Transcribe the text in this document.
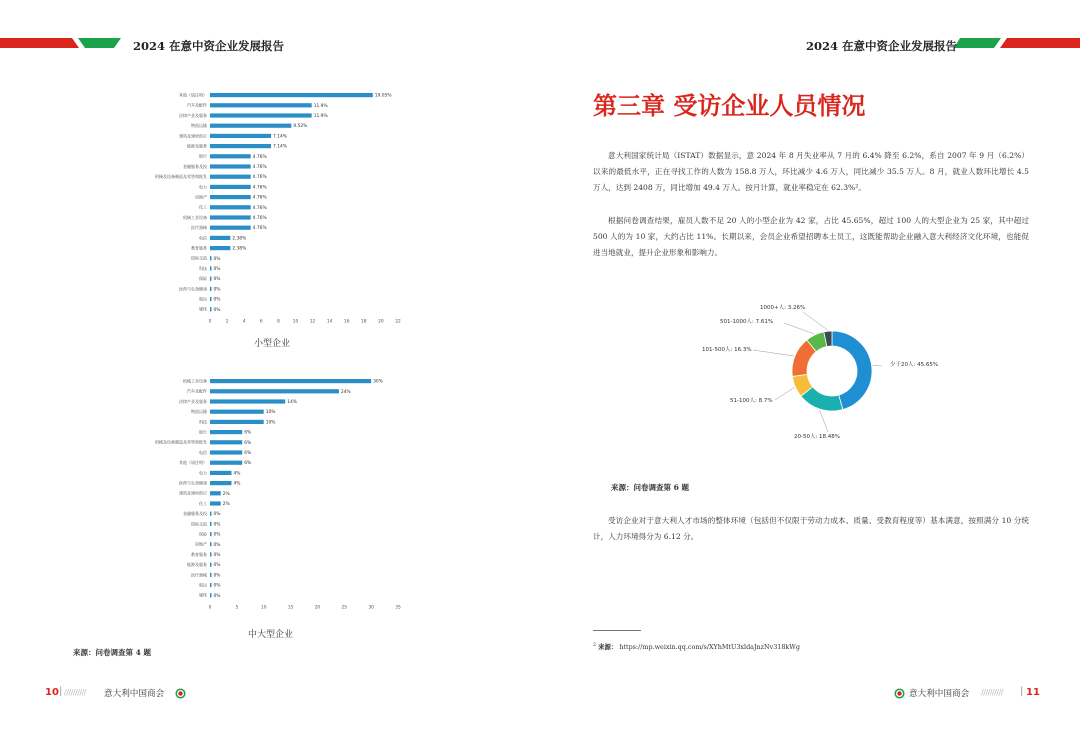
2024 在意中资企业发展报告
其他（请注明）	19.05%
汽车及配件	11.9%
法律产业及服务	11.9%
物流运输	9.52%
建筑及建材供应	7.14%
能源及服务	7.14%
银行	4.76%
金融服务及投	4.76%
机械及设备制造及零售和批发	4.76%
电力	4.76%
房地产	4.76%
化工	4.76%
机械工业设备	4.76%
医疗器械	4.76%
电信	2.38%
教育服务	2.38%
国际交流 0%
科技 0%
保险 0%
医药与生命健康 0%
航运 0%
媒体 0%
0	2	4	6	8	10	12	14	16	18	20	22
小型企业
机械工业设备	30%
汽车及配件	24%
法律产业及服务	14%
物流运输	10%
科技	10%
银行	6%
机械及设备制造及零售和批发	6%
电信	6%
其他（请注明）	6%
电力	4%
医药与生命健康	4%
建筑及建材供应	2%
化工	2%
金融服务及投 0%
国际交流 0%
保险 0%
房地产 0%
教育服务 0%
能源及服务 0%
医疗器械 0%
航运 0%
媒体 0%
0	5	10	15	20	25	30	35
中大型企业
来源：问卷调查第 4 题
10 | ////////// 意大利中国商会
2024 在意中资企业发展报告
第三章 受访企业人员情况

意大利国家统计局（ISTAT）数据显示，意 2024 年 8 月失业率从 7 月的 6.4% 降至 6.2%，系自 2007 年 9 月（6.2%）以来的最低水平，正在寻找工作的人数为 158.8 万人，环比减少 4.6 万人，同比减少 35.5 万人。8 月，就业人数环比增长 4.5 万人，达到 2408 万，同比增加 49.4 万人。按月计算，就业率稳定在 62.3%²。

根据问卷调查结果，雇员人数不足 20 人的小型企业为 42 家，占比 45.65%，超过 100 人的大型企业为 25 家，其中超过 500 人的为 10 家，大约占比 11%。长期以来，会员企业希望招聘本土员工，这既能帮助企业融入意大利经济文化环境，也能促进当地就业，提升企业形象和影响力。

少于20人: 45.65%
20-50人: 18.48%
51-100人: 8.7%
101-500人: 16.3%
501-1000人: 7.61%
1000+人: 3.26%
来源：问卷调查第 6 题

受访企业对于意大利人才市场的整体环境（包括但不仅限于劳动力成本、质量、受教育程度等）基本满意，按照满分 10 分统计，人力环境得分为 6.12 分。

$^2$ 来源： https://mp.weixin.qq.com/s/XYhMtU3xldaJnzNv318kWg
意大利中国商会 ////////// | 11
